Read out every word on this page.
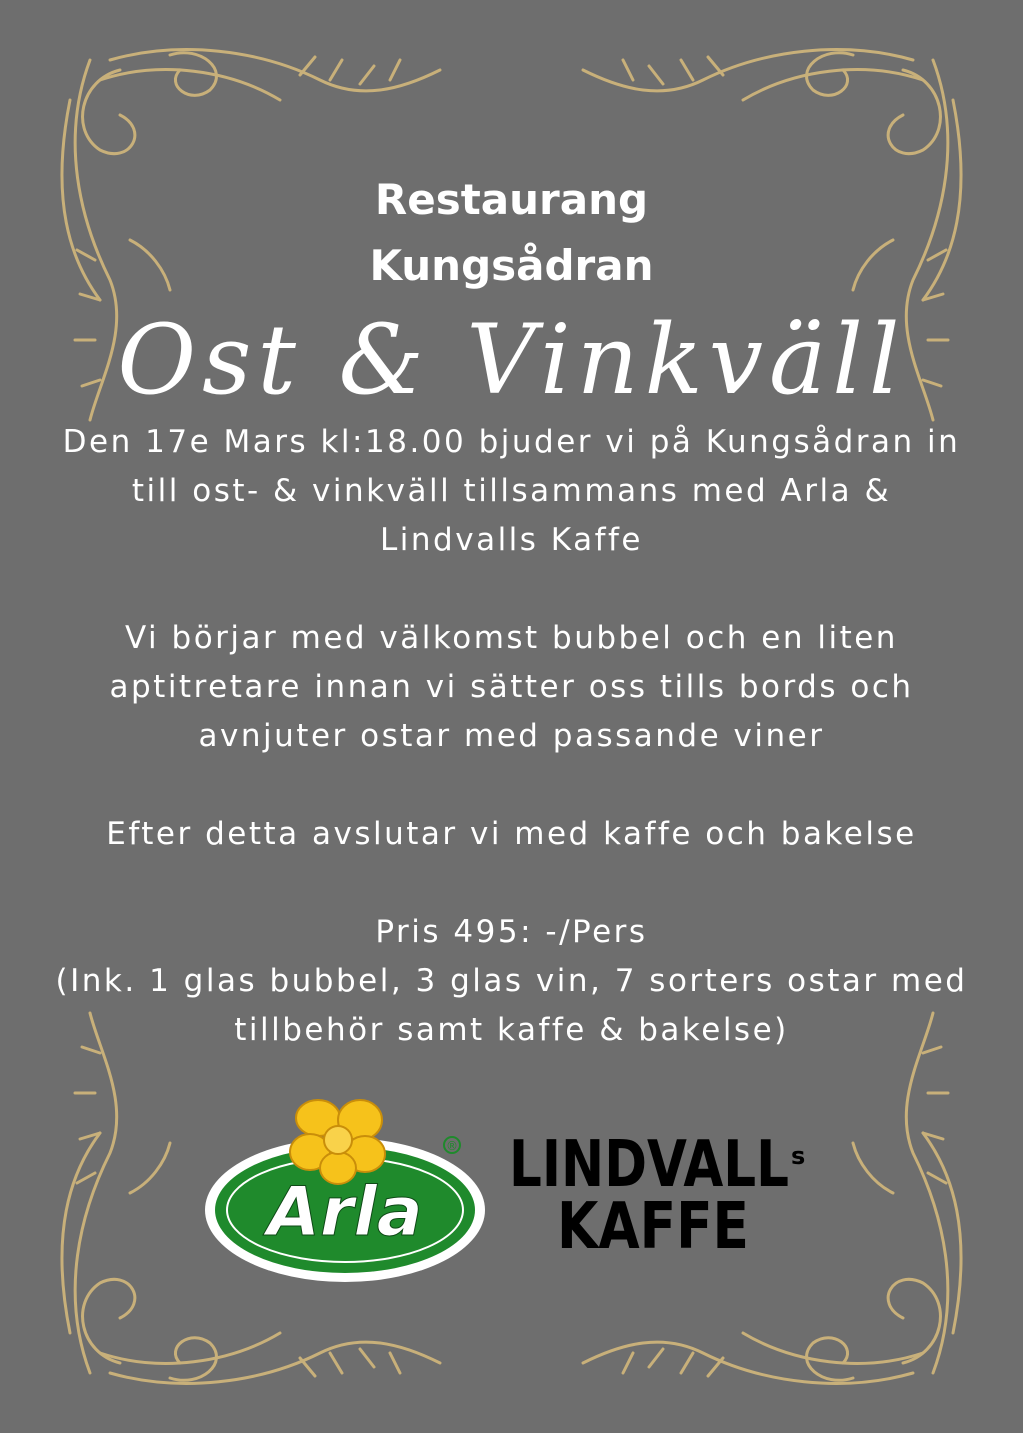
Restaurang
Kungsådran
Ost & Vinkväll
Den 17e Mars kl:18.00 bjuder vi på Kungsådran in
till ost- & vinkväll tillsammans med Arla &
Lindvalls Kaffe
Vi börjar med välkomst bubbel och en liten
aptitretare innan vi sätter oss tills bords och
avnjuter ostar med passande viner
Efter detta avslutar vi med kaffe och bakelse
Pris 495: -/Pers
(Ink. 1 glas bubbel, 3 glas vin, 7 sorters ostar med
tillbehör samt kaffe & bakelse)
Arla
® LINDVALL s
KAFFE
